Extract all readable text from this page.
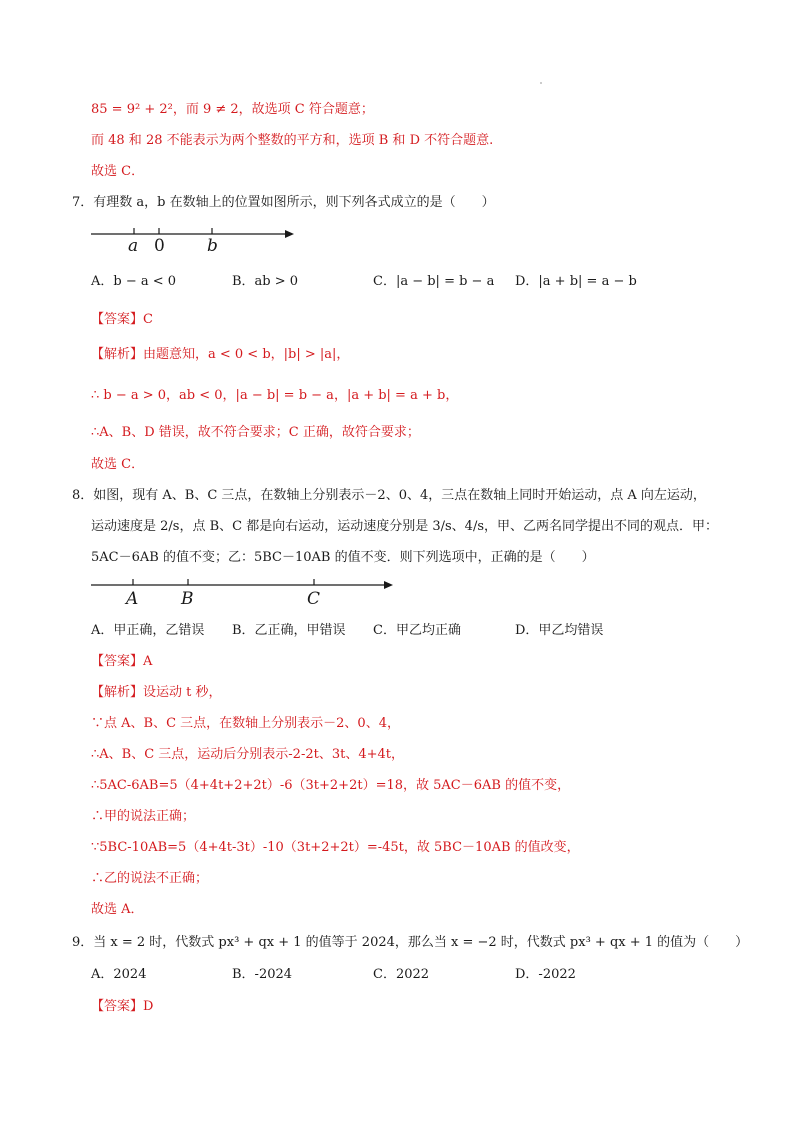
85 = 9² + 2²，而 9 ≠ 2，故选项 C 符合题意；
而 48 和 28 不能表示为两个整数的平方和，选项 B 和 D 不符合题意.
故选 C．
7．有理数 a，b 在数轴上的位置如图所示，则下列各式成立的是（　　）
a 0 b
A．b − a < 0	B．ab > 0	C．|a − b| = b − a D．|a + b| = a − b
【答案】C
【解析】由题意知，a < 0 < b，|b| > |a|，
∴ b − a > 0，ab < 0，|a − b| = b − a，|a + b| = a + b，
∴A、B、D 错误，故不符合要求；C 正确，故符合要求；
故选 C．
8．如图，现有 A、B、C 三点，在数轴上分别表示－2、0、4，三点在数轴上同时开始运动，点 A 向左运动，
运动速度是 2/s，点 B、C 都是向右运动，运动速度分别是 3/s、4/s，甲、乙两名同学提出不同的观点．甲：
5AC－6AB 的值不变；乙：5BC－10AB 的值不变．则下列选项中，正确的是（　　）
A	B	C
A．甲正确，乙错误 B．乙正确，甲错误 C．甲乙均正确	D．甲乙均错误
【答案】A
【解析】设运动 t 秒，
∵点 A、B、C 三点，在数轴上分别表示－2、0、4，
∴A、B、C 三点，运动后分别表示-2-2t、3t、4+4t，
∴5AC-6AB=5（4+4t+2+2t）-6（3t+2+2t）=18，故 5AC－6AB 的值不变，
∴甲的说法正确；
∵5BC-10AB=5（4+4t-3t）-10（3t+2+2t）=-45t，故 5BC－10AB 的值改变，
∴乙的说法不正确；
故选 A．
9．当 x = 2 时，代数式 px³ + qx + 1 的值等于 2024，那么当 x = −2 时，代数式 px³ + qx + 1 的值为（　　）
A．2024	B．-2024	C．2022	D．-2022
【答案】D
